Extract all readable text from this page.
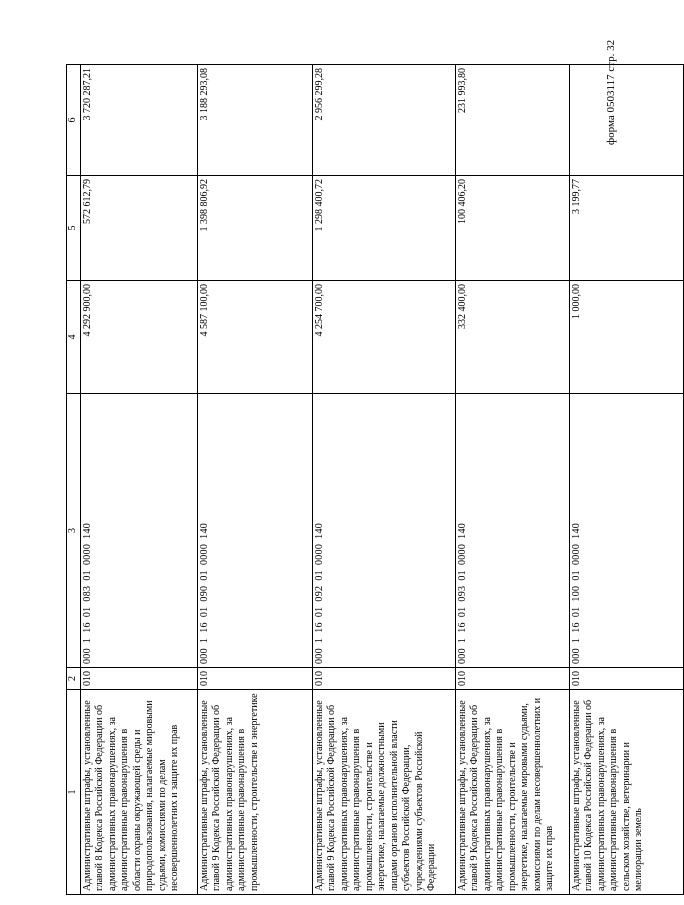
форма 0503117 стр. 32
1	2	3	4	5	6
Административные штрафы, установленные главой 8 Кодекса Российской Федерации об административных правонарушениях, за административные правонарушения в области охраны окружающей среды и природопользования, налагаемые мировыми судьями, комиссиями по делам несовершеннолетних и защите их прав	010	00011601083010000140	4 292 900,00	572 612,79	3 720 287,21
Административные штрафы, установленные главой 9 Кодекса Российской Федерации об административных правонарушениях, за административные правонарушения в промышленности, строительстве и энергетике	010	00011601090010000140	4 587 100,00	1 398 806,92	3 188 293,08
Административные штрафы, установленные главой 9 Кодекса Российской Федерации об административных правонарушениях, за административные правонарушения в промышленности, строительстве и энергетике, налагаемые должностными лицами органов исполнительной власти субъектов Российской Федерации, учреждениями субъектов Российской Федерации	010	00011601092010000140	4 254 700,00	1 298 400,72	2 956 299,28
Административные штрафы, установленные главой 9 Кодекса Российской Федерации об административных правонарушениях, за административные правонарушения в промышленности, строительстве и энергетике, налагаемые мировыми судьями, комиссиями по делам несовершеннолетних и защите их прав	010	00011601093010000140	332 400,00	100 406,20	231 993,80
Административные штрафы, установленные главой 10 Кодекса Российской Федерации об административных правонарушениях, за административные правонарушения в сельском хозяйстве, ветеринарии и мелиорации земель	010	00011601100010000140	1 000,00	3 199,77	
